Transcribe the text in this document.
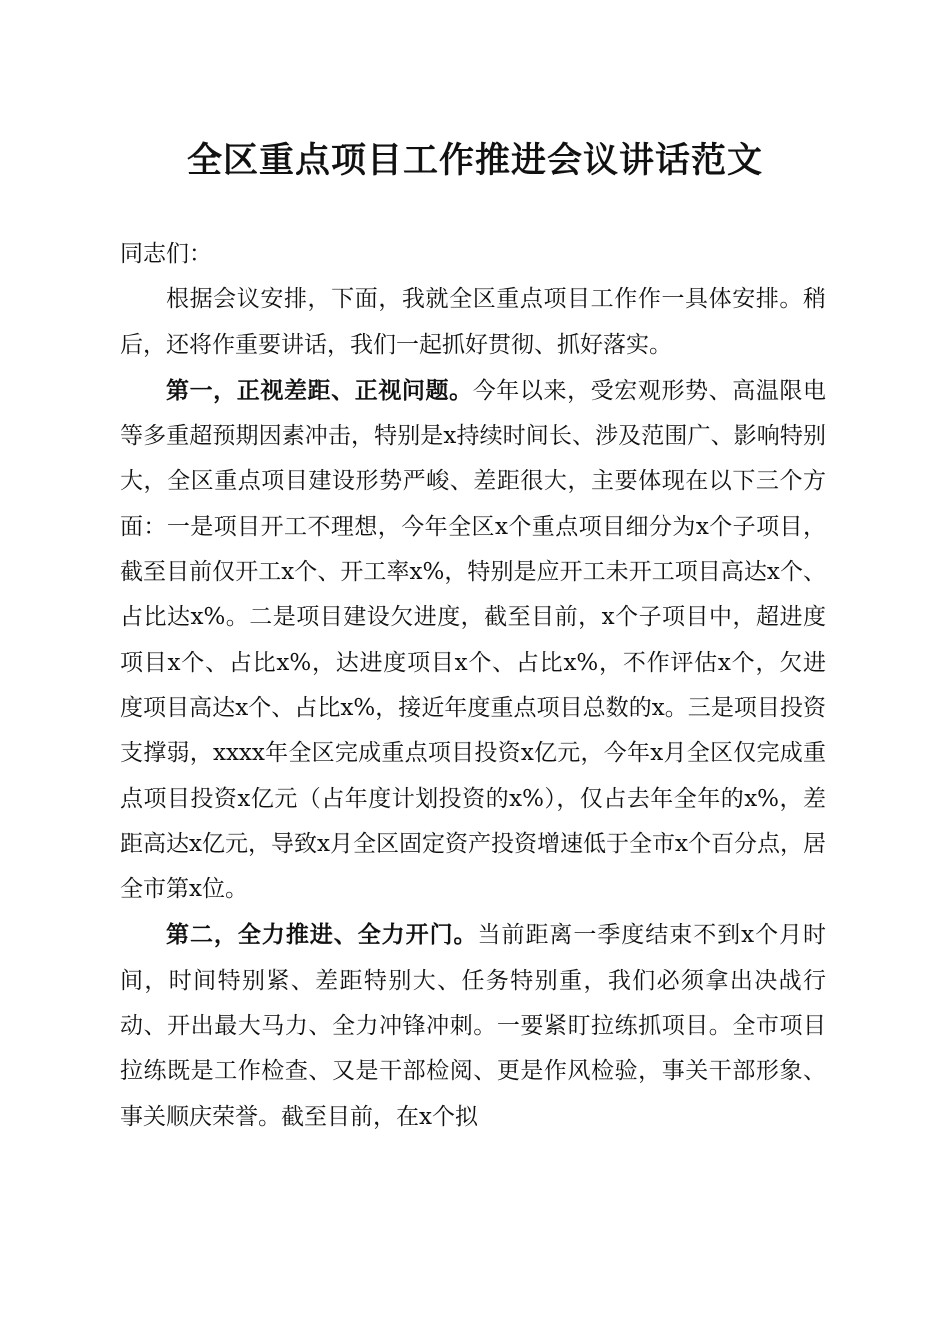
全区重点项目工作推进会议讲话范文

同志们：

根据会议安排，下面，我就全区重点项目工作作一具体安排。稍后，还将作重要讲话，我们一起抓好贯彻、抓好落实。

第一，正视差距、正视问题。今年以来，受宏观形势、高温限电等多重超预期因素冲击，特别是x持续时间长、涉及范围广、影响特别大，全区重点项目建设形势严峻、差距很大，主要体现在以下三个方面：一是项目开工不理想，今年全区x个重点项目细分为x个子项目，截至目前仅开工x个、开工率x%，特别是应开工未开工项目高达x个、占比达x%。二是项目建设欠进度，截至目前，x个子项目中，超进度项目x个、占比x%，达进度项目x个、占比x%，不作评估x个，欠进度项目高达x个、占比x%，接近年度重点项目总数的x。三是项目投资支撑弱，xxxx年全区完成重点项目投资x亿元，今年x月全区仅完成重点项目投资x亿元（占年度计划投资的x%），仅占去年全年的x%，差距高达x亿元，导致x月全区固定资产投资增速低于全市x个百分点，居全市第x位。

第二，全力推进、全力开门。当前距离一季度结束不到x个月时间，时间特别紧、差距特别大、任务特别重，我们必须拿出决战行动、开出最大马力、全力冲锋冲刺。一要紧盯拉练抓项目。全市项目拉练既是工作检查、又是干部检阅、更是作风检验，事关干部形象、事关顺庆荣誉。截至目前，在x个拟
